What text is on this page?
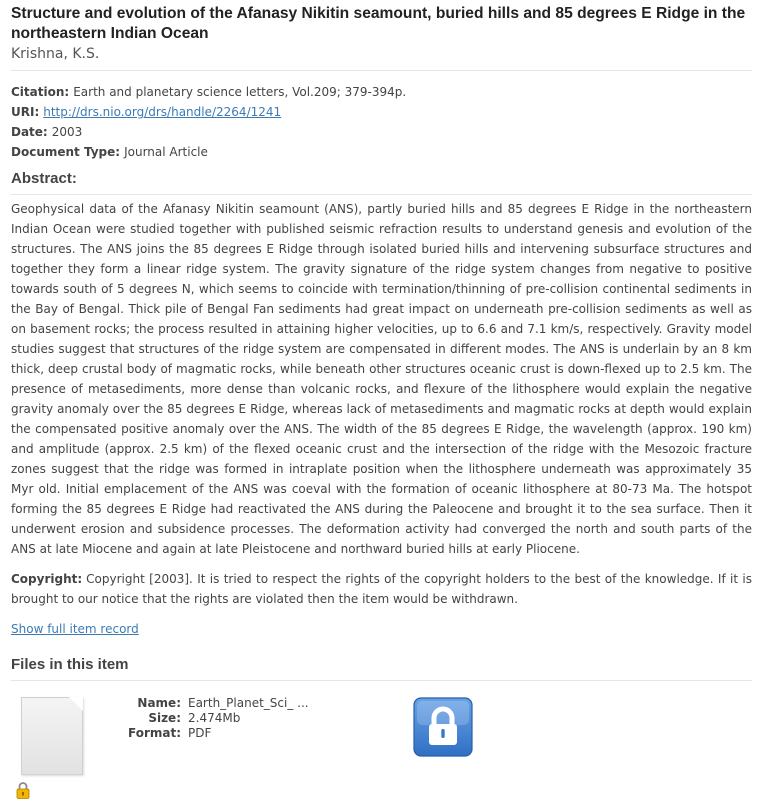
Structure and evolution of the Afanasy Nikitin seamount, buried hills and 85 degrees E Ridge in the northeastern Indian Ocean
Krishna, K.S.
Citation: Earth and planetary science letters, Vol.209; 379-394p.
URI: http://drs.nio.org/drs/handle/2264/1241
Date: 2003
Document Type: Journal Article
Abstract:
Geophysical data of the Afanasy Nikitin seamount (ANS), partly buried hills and 85 degrees E Ridge in the northeastern Indian Ocean were studied together with published seismic refraction results to understand genesis and evolution of the structures. The ANS joins the 85 degrees E Ridge through isolated buried hills and intervening subsurface structures and together they form a linear ridge system. The gravity signature of the ridge system changes from negative to positive towards south of 5 degrees N, which seems to coincide with termination/thinning of pre-collision continental sediments in the Bay of Bengal. Thick pile of Bengal Fan sediments had great impact on underneath pre-collision sediments as well as on basement rocks; the process resulted in attaining higher velocities, up to 6.6 and 7.1 km/s, respectively. Gravity model studies suggest that structures of the ridge system are compensated in different modes. The ANS is underlain by an 8 km thick, deep crustal body of magmatic rocks, while beneath other structures oceanic crust is down-flexed up to 2.5 km. The presence of metasediments, more dense than volcanic rocks, and flexure of the lithosphere would explain the negative gravity anomaly over the 85 degrees E Ridge, whereas lack of metasediments and magmatic rocks at depth would explain the compensated positive anomaly over the ANS. The width of the 85 degrees E Ridge, the wavelength (approx. 190 km) and amplitude (approx. 2.5 km) of the flexed oceanic crust and the intersection of the ridge with the Mesozoic fracture zones suggest that the ridge was formed in intraplate position when the lithosphere underneath was approximately 35 Myr old. Initial emplacement of the ANS was coeval with the formation of oceanic lithosphere at 80-73 Ma. The hotspot forming the 85 degrees E Ridge had reactivated the ANS during the Paleocene and brought it to the sea surface. Then it underwent erosion and subsidence processes. The deformation activity had converged the north and south parts of the ANS at late Miocene and again at late Pleistocene and northward buried hills at early Pliocene.
Copyright: Copyright [2003]. It is tried to respect the rights of the copyright holders to the best of the knowledge. If it is brought to our notice that the rights are violated then the item would be withdrawn.
Show full item record
Files in this item
Name: Earth_Planet_Sci_ ...
Size: 2.474Mb
Format: PDF
